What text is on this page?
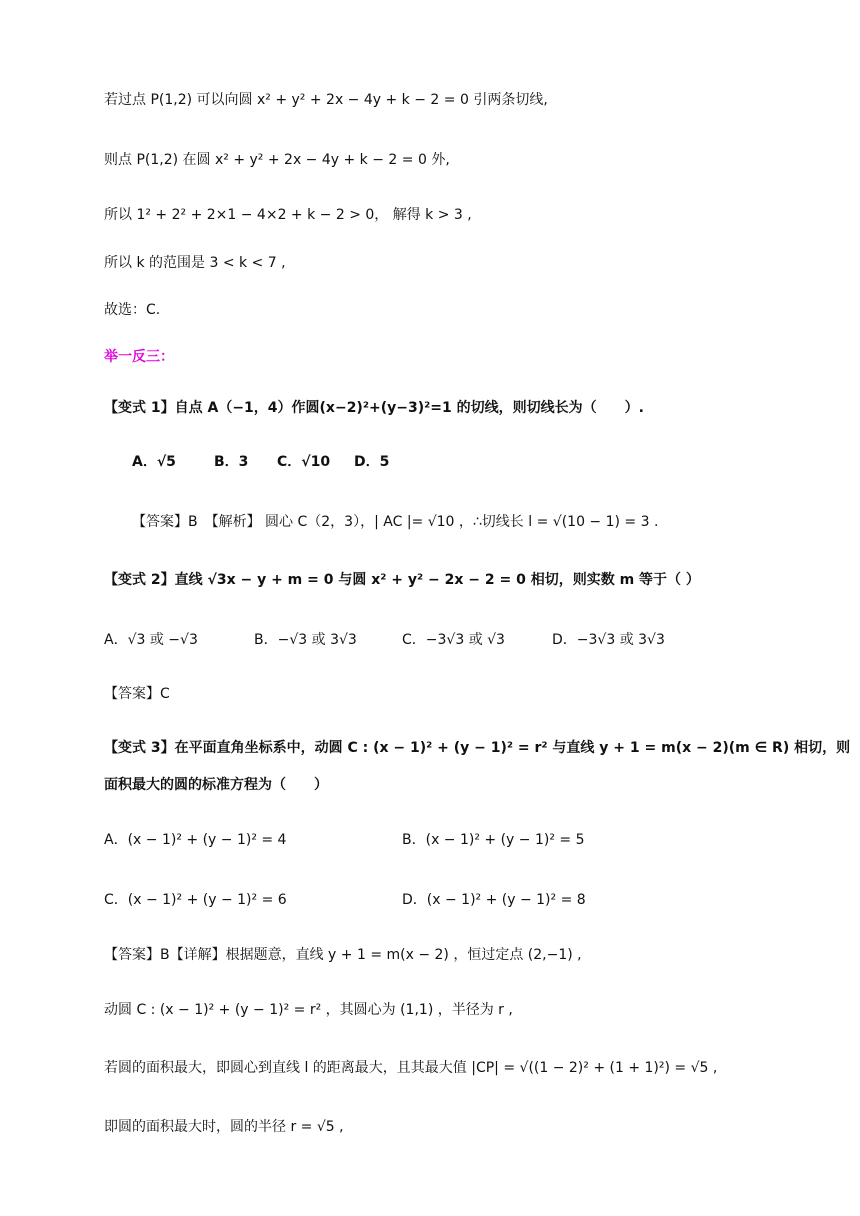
若过点 P(1,2) 可以向圆 x² + y² + 2x − 4y + k − 2 = 0 引两条切线,
则点 P(1,2) 在圆 x² + y² + 2x − 4y + k − 2 = 0 外,
所以 1² + 2² + 2×1 − 4×2 + k − 2 > 0， 解得 k > 3 ,
所以 k 的范围是 3 < k < 7 ,
故选：C.
举一反三：
【变式 1】自点 A（−1，4）作圆(x−2)²+(y−3)²=1 的切线，则切线长为（　　）.
A．√5	B．3 C．√10 D．5
【答案】B　【解析】 圆心 C（2，3），| AC |= √10 ，∴切线长 l = √(10 − 1) = 3 .
【变式 2】直线 √3x − y + m = 0 与圆 x² + y² − 2x − 2 = 0 相切，则实数 m 等于（ ）
A．√3 或 −√3	B．−√3 或 3√3	C．−3√3 或 √3	D．−3√3 或 3√3
【答案】C
【变式 3】在平面直角坐标系中，动圆 C : (x − 1)² + (y − 1)² = r² 与直线 y + 1 = m(x − 2)(m ∈ R) 相切，则
面积最大的圆的标准方程为（　　）
A．(x − 1)² + (y − 1)² = 4	B．(x − 1)² + (y − 1)² = 5
C．(x − 1)² + (y − 1)² = 6	D．(x − 1)² + (y − 1)² = 8
【答案】B【详解】根据题意，直线 y + 1 = m(x − 2) ，恒过定点 (2,−1) ,
动圆 C : (x − 1)² + (y − 1)² = r² ，其圆心为 (1,1) ，半径为 r ,
若圆的面积最大，即圆心到直线 l 的距离最大，且其最大值 |CP| = √((1 − 2)² + (1 + 1)²) = √5 ,
即圆的面积最大时，圆的半径 r = √5 ,
